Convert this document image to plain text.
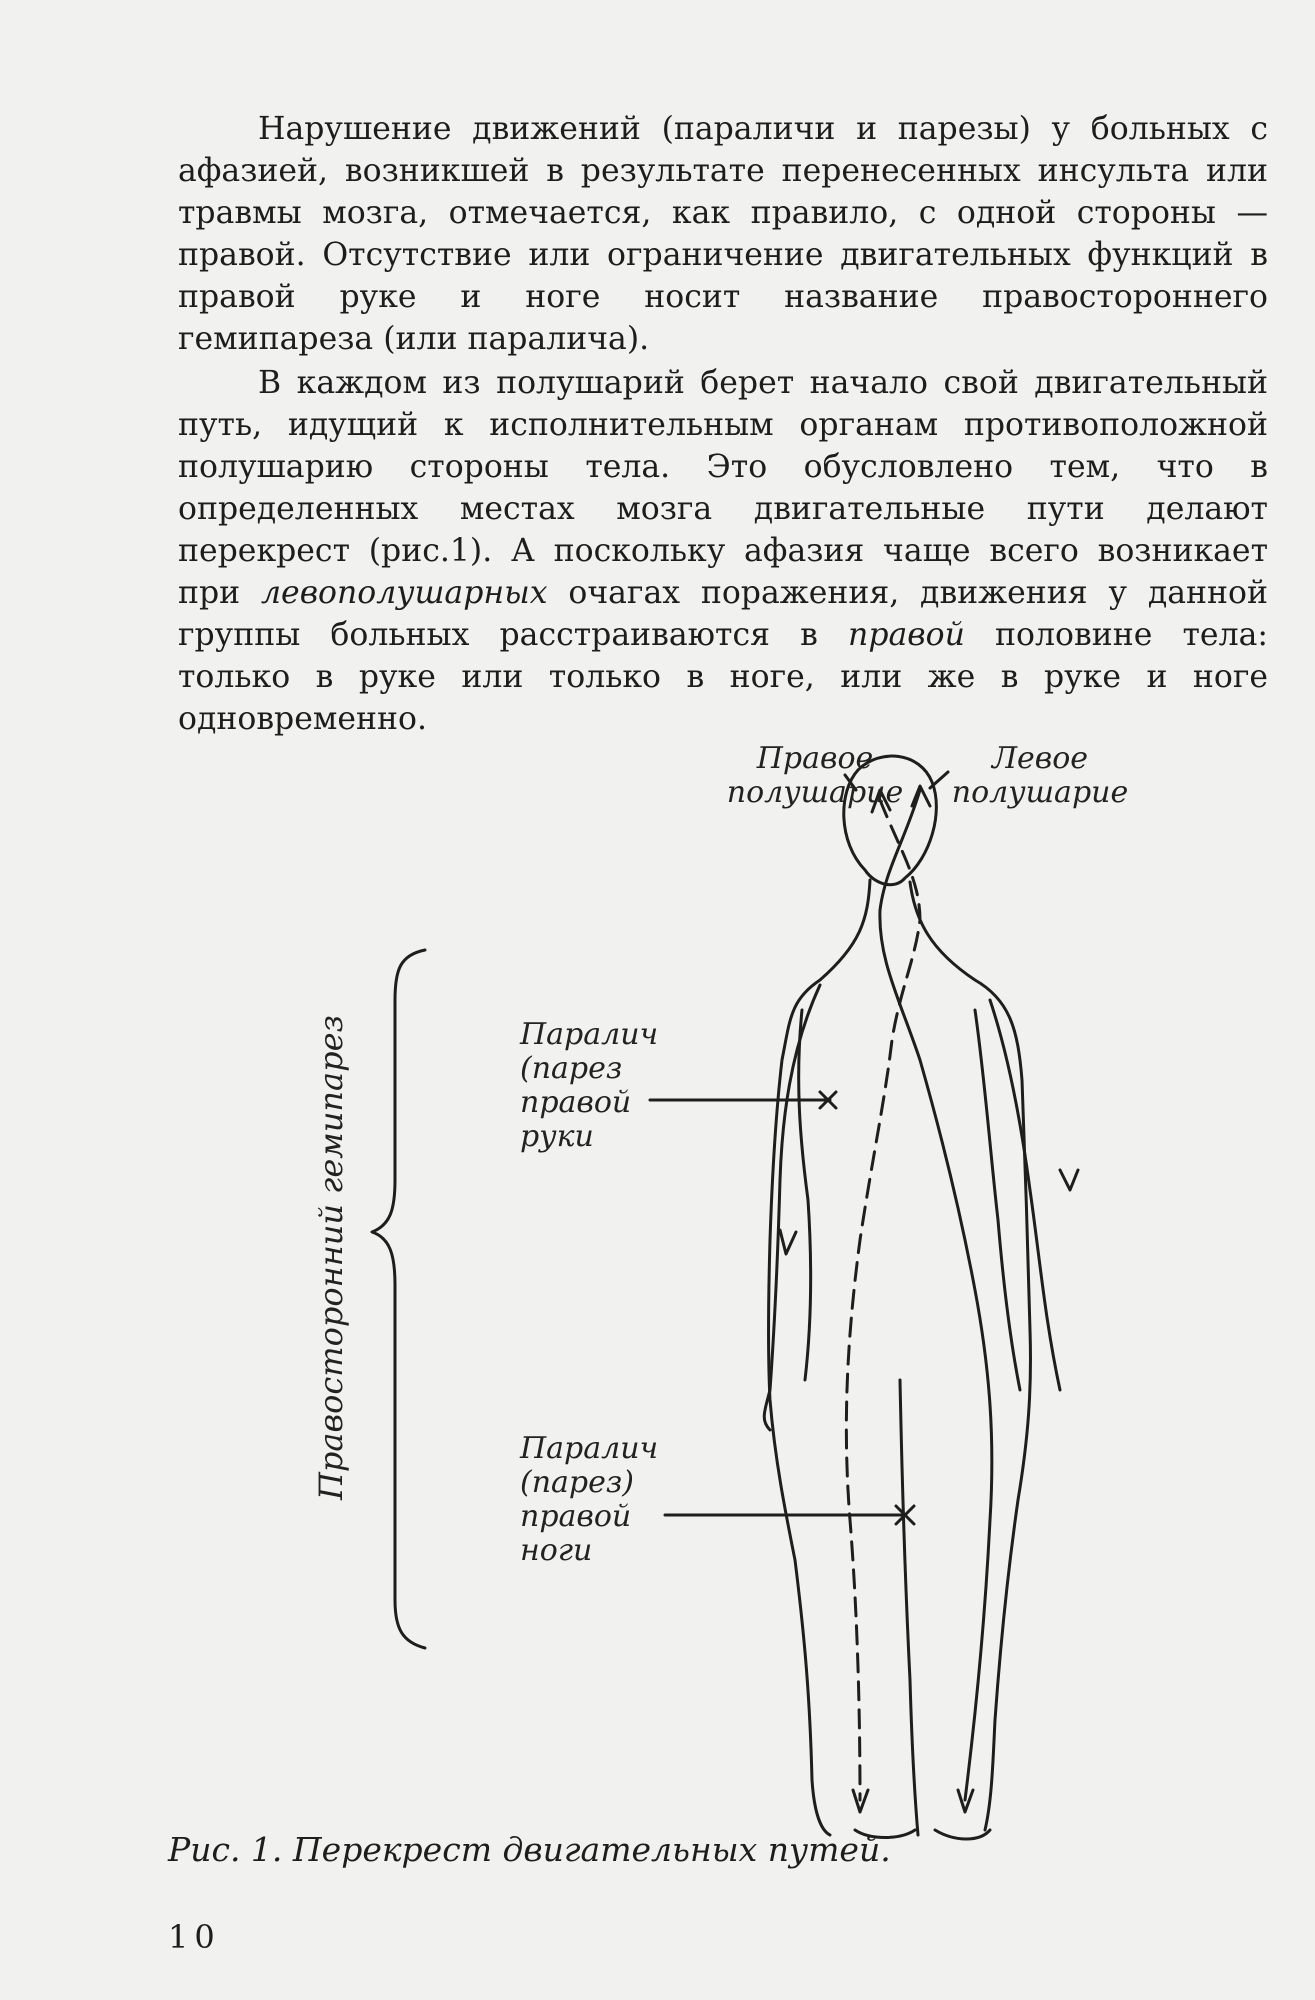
Нарушение движений (параличи и парезы) у больных с афазией, возникшей в результате перенесенных инсульта или травмы мозга, отмечается, как правило, с одной стороны — правой. Отсутствие или ограничение двигательных функций в правой руке и ноге носит название правостороннего гемипареза (или паралича).

В каждом из полушарий берет начало свой двигательный путь, идущий к исполнительным органам противоположной полушарию стороны тела. Это обусловлено тем, что в определенных местах мозга двигательные пути делают перекрест (рис.1). А поскольку афазия чаще всего возникает при левополушарных очагах поражения, движения у данной группы больных расстраиваются в правой половине тела: только в руке или только в ноге, или же в руке и ноге одновременно.

Правое
полушарие
Левое
полушарие
Паралич
(парез
правой
руки
Паралич
(парез)
правой
ноги
Правосторонний гемипарез
Рис. 1. Перекрест двигательных путей.
10
